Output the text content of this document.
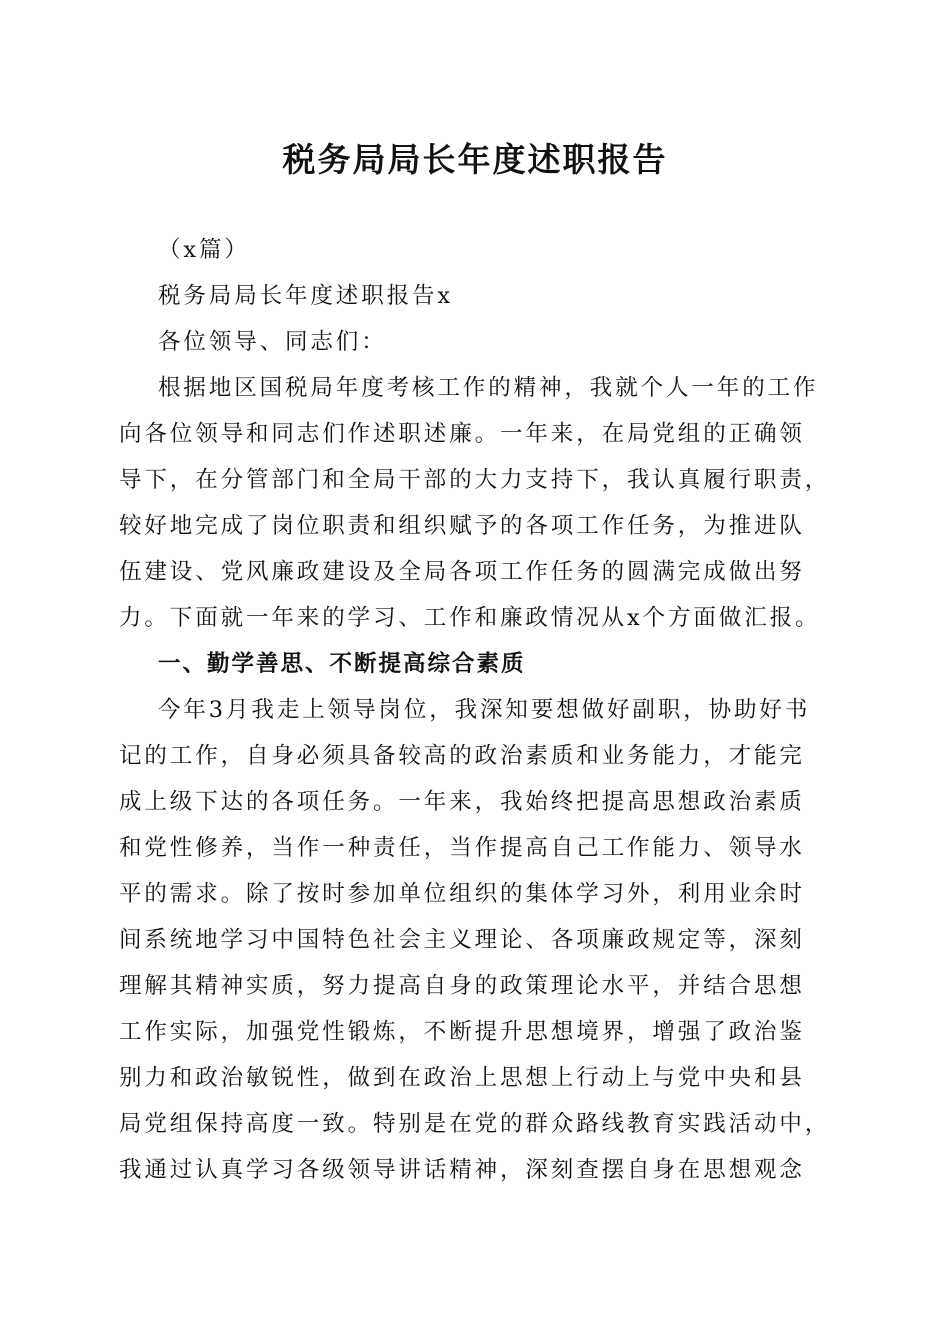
税务局局长年度述职报告
（x篇）
税务局局长年度述职报告x
各位领导、同志们：
根据地区国税局年度考核工作的精神，我就个人一年的工作
向各位领导和同志们作述职述廉。一年来，在局党组的正确领
导下，在分管部门和全局干部的大力支持下，我认真履行职责，
较好地完成了岗位职责和组织赋予的各项工作任务，为推进队
伍建设、党风廉政建设及全局各项工作任务的圆满完成做出努
力。下面就一年来的学习、工作和廉政情况从x个方面做汇报。
一、勤学善思、不断提高综合素质
今年3月我走上领导岗位，我深知要想做好副职，协助好书
记的工作，自身必须具备较高的政治素质和业务能力，才能完
成上级下达的各项任务。一年来，我始终把提高思想政治素质
和党性修养，当作一种责任，当作提高自己工作能力、领导水
平的需求。除了按时参加单位组织的集体学习外，利用业余时
间系统地学习中国特色社会主义理论、各项廉政规定等，深刻
理解其精神实质，努力提高自身的政策理论水平，并结合思想
工作实际，加强党性锻炼，不断提升思想境界，增强了政治鉴
别力和政治敏锐性，做到在政治上思想上行动上与党中央和县
局党组保持高度一致。特别是在党的群众路线教育实践活动中，
我通过认真学习各级领导讲话精神，深刻查摆自身在思想观念
